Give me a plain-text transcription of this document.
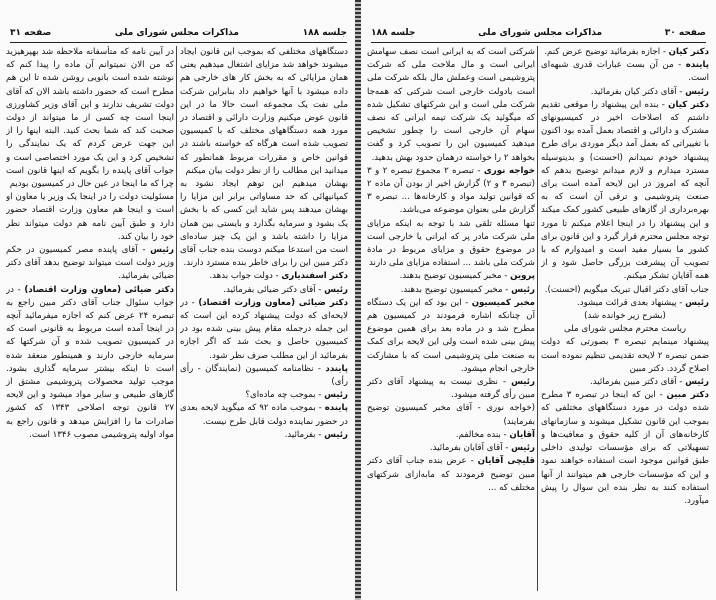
جلسه ۱۸۸
مذاکرات مجلس شورای ملی
صفحه ۳۱

دستگاههای مختلفی که بموجب این قانون ایجاد میشوند خواهد شد مزایای اشتغال میدهیم یعنی همان مزایائی که به بخش کار های خارجی هم داده میشود با آنها خواهیم داد بنابراین شرکت ملی نفت یک مجموعه است حالا ما در این قانون عوض میکنیم وزارت دارائی و اقتصاد در مورد همه دستگاههای مختلف که با کمیسیون تصویب شده است هرگاه که خواسته باشند در قوانین خاص و مقررات مربوط همانطور که میدانید این مطالب را از نظر دولت بیان میکنم

بهشان میدهیم این توهم ایجاد نشود به کمپانیهائی که حد مساواتی برابر این مزایا را بهشان میدهند پس شاید این کسی که با بخش یک بشود و سرمایه بگذارد و بایستی بین همان مزایا را داشته باشد و این یک چیز ساده‌ای است من استدعا میکنم دوست بنده جناب آقای دکتر مبین این را برای خاطر بنده مسترد دارند.

دکتر اسفندیاری - دولت جواب بدهد.

رئیس - آقای دکتر ضیائی بفرمائید.

دکتر ضیائی (معاون وزارت اقتصاد) - در لایحه‌ای که دولت پیشنهاد کرده این است که این جمله درجمله مقام پیش بینی شده بود در کمیسیون حاصل و بحث شد که اگر اجازه بفرمائید از این مطلب صرف نظر شود.

پایندد - نظامنامه کمیسیون (نمایندگان - رأی رأی)

رئیس - بموجب چه ماده‌ای؟

پاینده - بموجب ماده ۹۲ که میگوید لایحه بعدی در حضور نماینده دولت قابل طرح نیست.

رئیس - بفرمائید.

در آیین نامه که متأسفانه ملاحظه شد بهپرهیزید که من الان نمیتوانم آن ماده را پیدا کنم که نوشته شده است بانویی روشن شده تا این هم مطرح است که حضور داشته باشد الان که آقای دولت تشریف ندارند و این آقای وزیر کشاورزی اینجا است چه کسی از ما میتواند از دولت صحبت کند که شما بحث کنید. البته اینها را از این جهت عرض کردم که یک نمایندگی را تشخیص کرد و این یک مورد اختصاصی است و جواب آقای پاینده را بگویم که اینها قانون است چرا که ما اینجا در عین حال در کمیسیون بودیم

مسئولیت دولت را در اینجا یک وزیر یا معاون او است و اینجا هم معاون وزارت اقتصاد حضور دارد و طبق آیین نامه هم دولت میتواند نظر خود را بیان کند.

رئیس - آقای پاینده مصر کمیسیون در حکم وزیر دولت است میتواند توضیح بدهد آقای دکتر ضیائی بفرمائید.

دکتر ضیائی (معاون وزارت اقتصاد) - در جواب سئوال جناب آقای دکتر مبین راجع به تبصره ۲۴ عرض کنم که اجازه میفرمائید آنچه در اینجا آمده است مربوط به قانونی است که در کمیسیون تصویب شده و آن شرکتها که سرمایه خارجی دارند و همینطور منعقد شده است تا اینکه بیشتر سرمایه گذاری بشود. موجب تولید محصولات پتروشیمی مشتق از گازهای طبیعی و سایر مواد میشود و این لایحه ۲۷ قانون توجه اصلاحی ۱۳۴۳ که کشور صادرات ما را افزایش میدهد و قانون راجع به مواد اولیه پتروشیمی مصوب ۱۳۴۶ است.

صفحه ۳۰
مذاکرات مجلس شورای ملی
جلسه ۱۸۸

دکتر کیان - اجازه بفرمائید توضیح عرض کنم.

پاینده - من آن بست عبارات قدری شبهه‌ای است.

رئیس - آقای دکتر کیان بفرمائید.

دکتر کیان - بنده این پیشنهاد را موقعی تقدیم داشتم که اصلاحات اخیر در کمیسیونهای مشترک و دارائی و اقتصاد بعمل آمده بود اکنون با تغییراتی که بعمل آمد دیگر موردی برای طرح پیشنهاد خودم نمیدانم (احسنت) و بدینوسیله مسترد میدارم و لازم میدانم توضیح بدهم که آنچه که امروز در این لایحه آمده است برای صنعت پتروشیمی و ترقی آن است که به بهره‌برداری از گازهای طبیعی کشور کمک میکند و این پیشنهاد را در اینجا اعلام میکنم تا مورد توجه مجلس محترم قرار گیرد و این قانون برای کشور ما بسیار مفید است و امیدوارم که با تصویب آن پیشرفت بزرگی حاصل شود و از همه آقایان تشکر میکنم.

جناب آقای دکتر اقبال تبریک میگویم (احسنت).

رئیس - پیشنهاد بعدی قرائت میشود.

(بشرح زیر خوانده شد)

ریاست محترم مجلس شورای ملی

پیشنهاد مینمایم تبصره ۳ بصورتی که دولت ضمن تبصره ۲ لایحه تقدیمی تنظیم نموده است اصلاح گردد. دکتر مبین

رئیس - آقای دکتر مبین بفرمائید.

دکتر مبین - این که اینجا در تبصره ۳ مطرح شده دولت در مورد دستگاههای مختلفی که بموجب این قانون تشکیل میشوند و سازمانهای کارخانه‌های آن از کلیه حقوق و معافیت‌ها و تسهیلاتی که برای مؤسسات تولیدی داخلی طبق قوانین موجود است استفاده خواهند نمود و این که مؤسسات خارجی هم میتوانند از آنها استفاده کنند به نظر بنده این سوال را پیش میآورد.

شرکتی است که به ایرانی است نصف سهامش ایرانی است و مال ملاحت ملی که شرکت پتروشیمی است وعملش مال بلکه شرکت ملی است بادولت خارجی است شرکتی که همه‌جا شرکت ملی است و این شرکتهای تشکیل شده که میگوئید یک شرکت تیمه ایرانی که نصف سهام آن خارجی است را چطور تشخیص میدهید کمیسیون این را تصویب کرد و گفت بخواهد ۲ را خواسته درهمان حدود بهش بدهید.

خواجه نوری - تبصره ۲ مجموع تبصره ۲ و ۳ (تبصره ۳ و ۲) گزارش اخیر از بودن آن ماده ۲ که قوانین تولید مواد و کارخانه‌ها ... تبصره ۳ گزارش ملی بعنوان موضوعه می‌باشد.

تنها مسئله تلقی شد با توجه به اینکه مزایای ملی شرکت مادر پر که ایرانی یا خارجی است در موضوع حقوق و مزایای مربوط در مادة شرکت ملی باشد ... استفاده مزایای ملی دارند

پروین - مخبر کمیسیون توضیح بدهند.

رئیس - مخبر کمیسیون توضیح بدهند.

مخبر کمیسیون - این بود که این یک دستگاه آن چنانکه اشاره فرمودند در کمیسیون هم مطرح شد و در ماده بعد برای همین موضوع پیش بینی شده است ولی این لایحه برای کمک به صنعت ملی پتروشیمی است که با مشارکت خارجی انجام میشود.

رئیس - نظری نیست به پیشنهاد آقای دکتر مبین رأی گرفته میشود.

(خواجه نوری - آقای مخبر کمیسیون توضیح بفرمایند)

آقایان - بنده مخالفم.

رئیس - آقای آقایان بفرمائید.

قلیچی آقایان - عرض بنده جناب آقای دکتر مبین توضیح فرمودند که مابه‌ازای شرکتهای مختلف که ...
